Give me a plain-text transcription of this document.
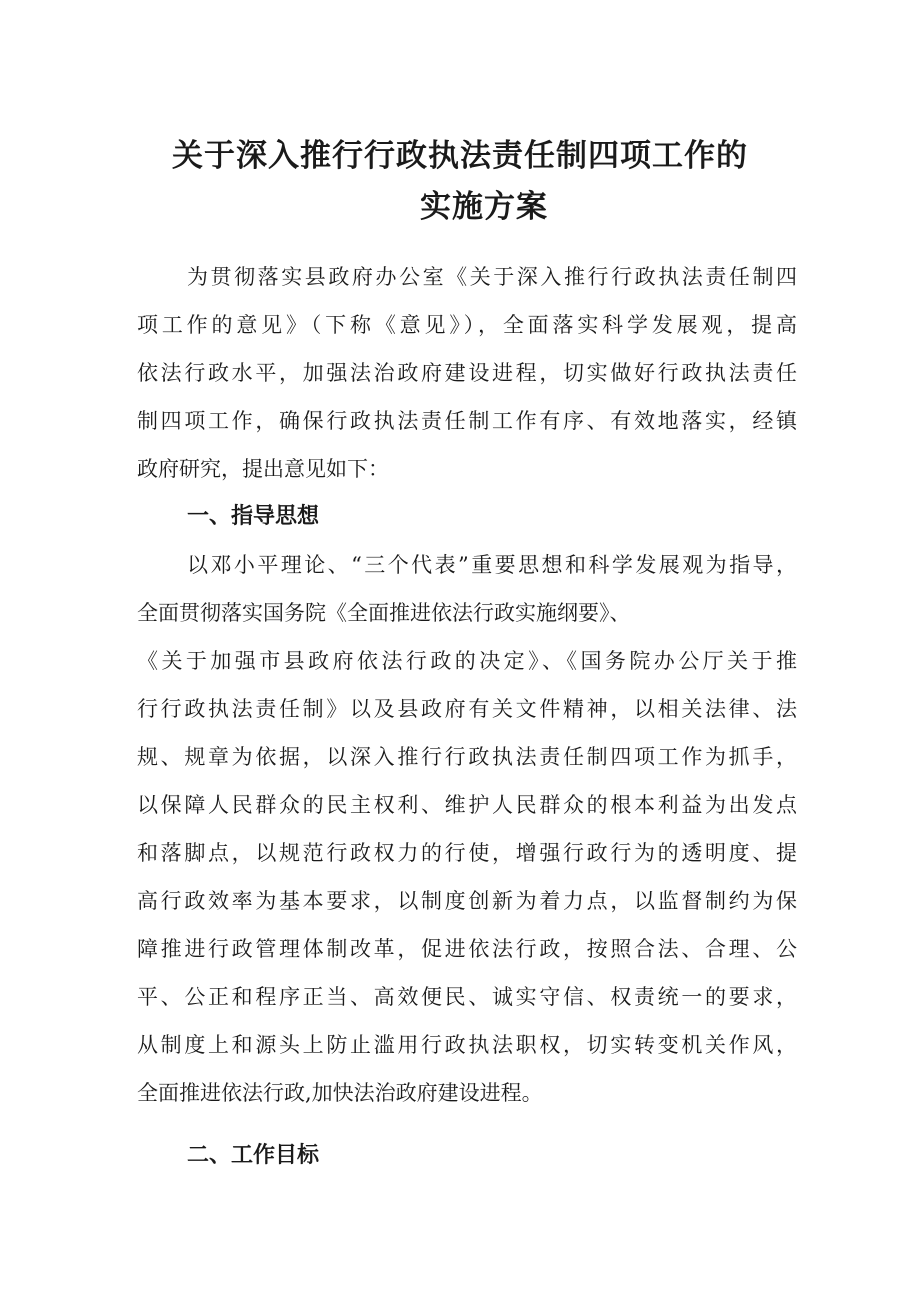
关于深入推行行政执法责任制四项工作的
实施方案
为贯彻落实县政府办公室《关于深入推行行政执法责任制四
项工作的意见》（下称《意见》），全面落实科学发展观，提高
依法行政水平，加强法治政府建设进程，切实做好行政执法责任
制四项工作，确保行政执法责任制工作有序、有效地落实，经镇
政府研究，提出意见如下：
一、指导思想
以邓小平理论、“三个代表”重要思想和科学发展观为指导，
全面贯彻落实国务院《全面推进依法行政实施纲要》、
《关于加强市县政府依法行政的决定》、《国务院办公厅关于推
行行政执法责任制》以及县政府有关文件精神，以相关法律、法
规、规章为依据，以深入推行行政执法责任制四项工作为抓手，
以保障人民群众的民主权利、维护人民群众的根本利益为出发点
和落脚点，以规范行政权力的行使，增强行政行为的透明度、提
高行政效率为基本要求，以制度创新为着力点，以监督制约为保
障推进行政管理体制改革，促进依法行政，按照合法、合理、公
平、公正和程序正当、高效便民、诚实守信、权责统一的要求，
从制度上和源头上防止滥用行政执法职权，切实转变机关作风，
全面推进依法行政,加快法治政府建设进程。
二、工作目标
